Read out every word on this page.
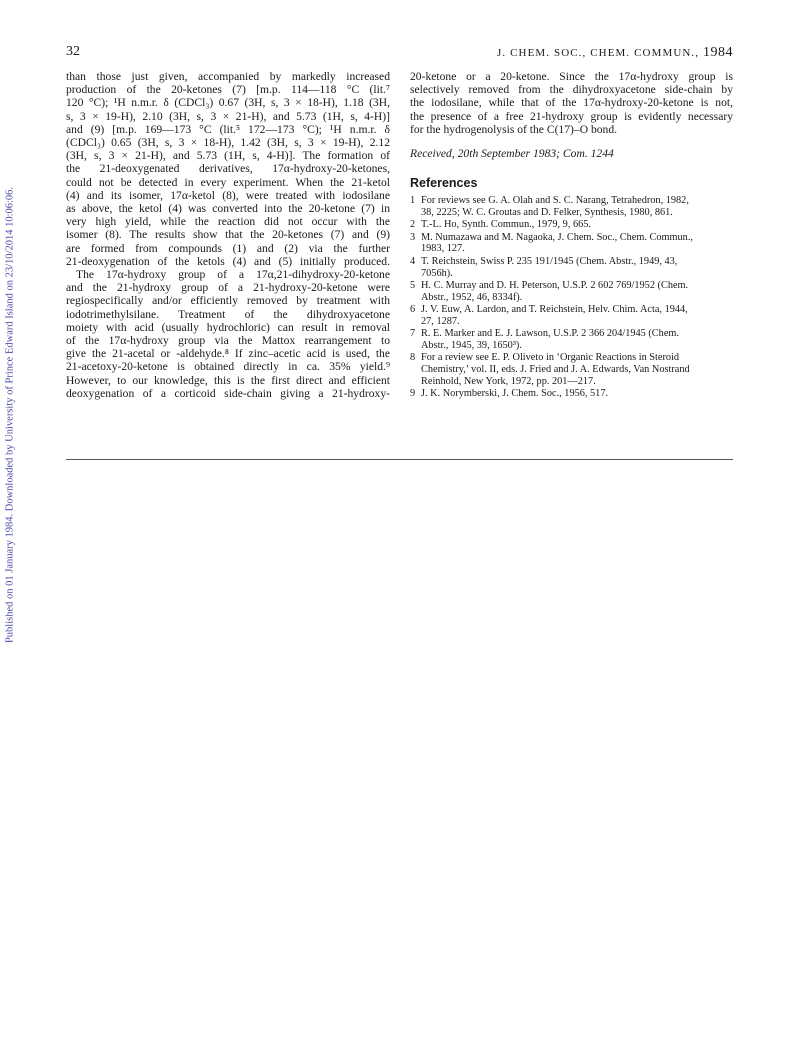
Published on 01 January 1984. Downloaded by University of Prince Edward Island on 23/10/2014 10:06:06.
32	J. CHEM. SOC., CHEM. COMMUN., 1984
than those just given, accompanied by markedly increased
production of the 20-ketones (7) [m.p. 114—118 °C (lit.⁷
120 °C); ¹H n.m.r. δ (CDCl₃) 0.67 (3H, s, 3 × 18-H), 1.18 (3H,
s, 3 × 19-H), 2.10 (3H, s, 3 × 21-H), and 5.73 (1H, s, 4-H)]
and (9) [m.p. 169—173 °C (lit.⁵ 172—173 °C); ¹H n.m.r. δ
(CDCl₃) 0.65 (3H, s, 3 × 18-H), 1.42 (3H, s, 3 × 19-H), 2.12
(3H, s, 3 × 21-H), and 5.73 (1H, s, 4-H)]. The formation of
the 21-deoxygenated derivatives, 17α-hydroxy-20-ketones,
could not be detected in every experiment. When the 21-ketol
(4) and its isomer, 17α-ketol (8), were treated with iodosilane
as above, the ketol (4) was converted into the 20-ketone (7) in
very high yield, while the reaction did not occur with the
isomer (8). The results show that the 20-ketones (7) and (9)
are formed from compounds (1) and (2) via the further
21-deoxygenation of the ketols (4) and (5) initially produced.
The 17α-hydroxy group of a 17α,21-dihydroxy-20-ketone
and the 21-hydroxy group of a 21-hydroxy-20-ketone were
regiospecifically and/or efficiently removed by treatment with
iodotrimethylsilane. Treatment of the dihydroxyacetone
moiety with acid (usually hydrochloric) can result in removal
of the 17α-hydroxy group via the Mattox rearrangement to
give the 21-acetal or -aldehyde.⁸ If zinc–acetic acid is used, the
21-acetoxy-20-ketone is obtained directly in ca. 35% yield.⁹
However, to our knowledge, this is the first direct and efficient
deoxygenation of a corticoid side-chain giving a 21-hydroxy-
20-ketone or a 20-ketone. Since the 17α-hydroxy group is
selectively removed from the dihydroxyacetone side-chain by
the iodosilane, while that of the 17α-hydroxy-20-ketone is not,
the presence of a free 21-hydroxy group is evidently necessary
for the hydrogenolysis of the C(17)–O bond.
Received, 20th September 1983; Com. 1244
References
1 For reviews see G. A. Olah and S. C. Narang, Tetrahedron, 1982,
38, 2225; W. C. Groutas and D. Felker, Synthesis, 1980, 861.
2 T.-L. Ho, Synth. Commun., 1979, 9, 665.
3 M. Numazawa and M. Nagaoka, J. Chem. Soc., Chem. Commun.,
1983, 127.
4 T. Reichstein, Swiss P. 235 191/1945 (Chem. Abstr., 1949, 43,
7056h).
5 H. C. Murray and D. H. Peterson, U.S.P. 2 602 769/1952 (Chem.
Abstr., 1952, 46, 8334f).
6 J. V. Euw, A. Lardon, and T. Reichstein, Helv. Chim. Acta, 1944,
27, 1287.
7 R. E. Marker and E. J. Lawson, U.S.P. 2 366 204/1945 (Chem.
Abstr., 1945, 39, 1650³).
8 For a review see E. P. Oliveto in ‘Organic Reactions in Steroid
Chemistry,’ vol. II, eds. J. Fried and J. A. Edwards, Van Nostrand
Reinhold, New York, 1972, pp. 201—217.
9 J. K. Norymberski, J. Chem. Soc., 1956, 517.
